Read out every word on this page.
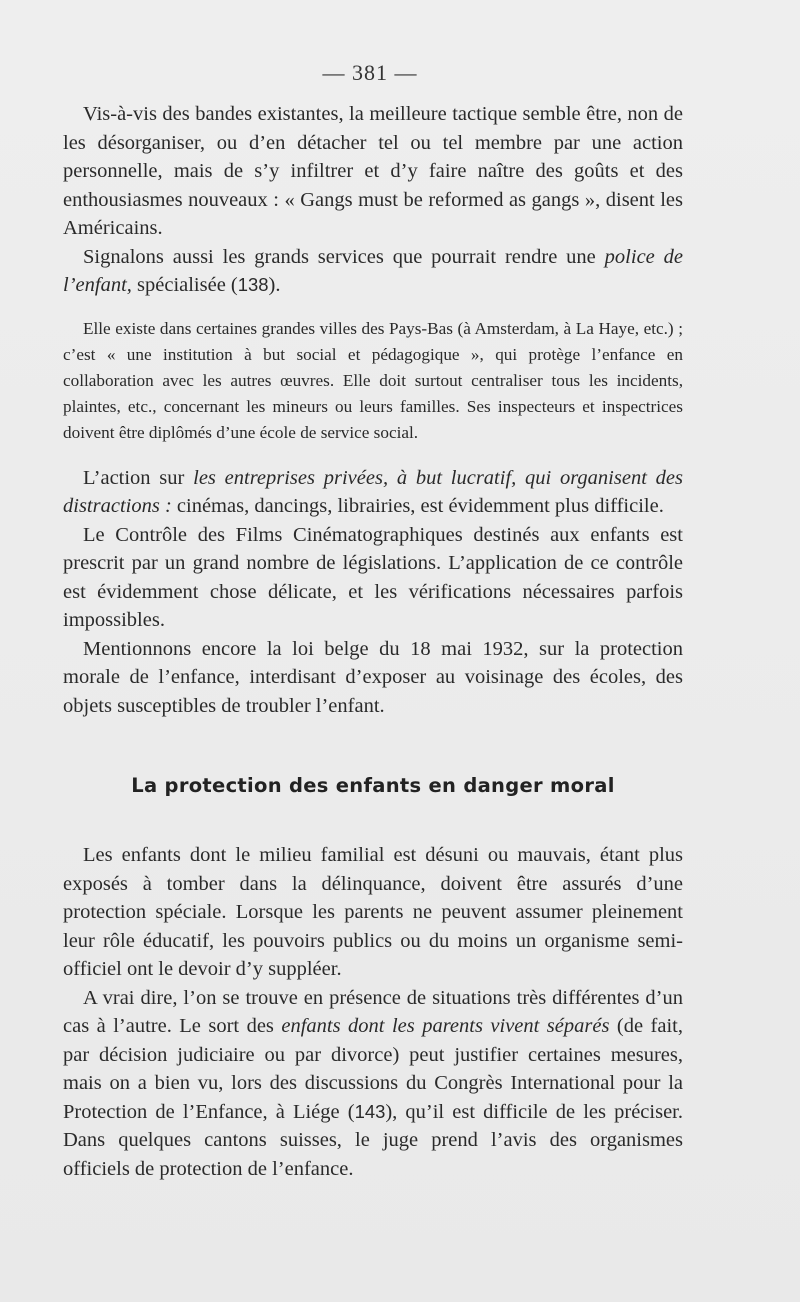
— 381 —

Vis-à-vis des bandes existantes, la meilleure tactique semble être, non de les désorganiser, ou d’en détacher tel ou tel membre par une action personnelle, mais de s’y infiltrer et d’y faire naître des goûts et des enthousiasmes nouveaux : « Gangs must be reformed as gangs », disent les Américains.

Signalons aussi les grands services que pourrait rendre une police de l’enfant, spécialisée (138).

Elle existe dans certaines grandes villes des Pays-Bas (à Amsterdam, à La Haye, etc.) ; c’est « une institution à but social et pédagogique », qui protège l’enfance en collaboration avec les autres œuvres. Elle doit surtout centraliser tous les incidents, plaintes, etc., concernant les mineurs ou leurs familles. Ses inspecteurs et inspectrices doivent être diplômés d’une école de service social.

L’action sur les entreprises privées, à but lucratif, qui organisent des distractions : cinémas, dancings, librairies, est évidemment plus difficile.

Le Contrôle des Films Cinématographiques destinés aux enfants est prescrit par un grand nombre de législations. L’application de ce contrôle est évidemment chose délicate, et les vérifications nécessaires parfois impossibles.

Mentionnons encore la loi belge du 18 mai 1932, sur la protection morale de l’enfance, interdisant d’exposer au voisinage des écoles, des objets susceptibles de troubler l’enfant.

La protection des enfants en danger moral

Les enfants dont le milieu familial est désuni ou mauvais, étant plus exposés à tomber dans la délinquance, doivent être assurés d’une protection spéciale. Lorsque les parents ne peuvent assumer pleinement leur rôle éducatif, les pouvoirs publics ou du moins un organisme semi-officiel ont le devoir d’y suppléer.

A vrai dire, l’on se trouve en présence de situations très différentes d’un cas à l’autre. Le sort des enfants dont les parents vivent séparés (de fait, par décision judiciaire ou par divorce) peut justifier certaines mesures, mais on a bien vu, lors des discussions du Congrès International pour la Protection de l’Enfance, à Liége (143), qu’il est difficile de les préciser. Dans quelques cantons suisses, le juge prend l’avis des organismes officiels de protection de l’enfance.
